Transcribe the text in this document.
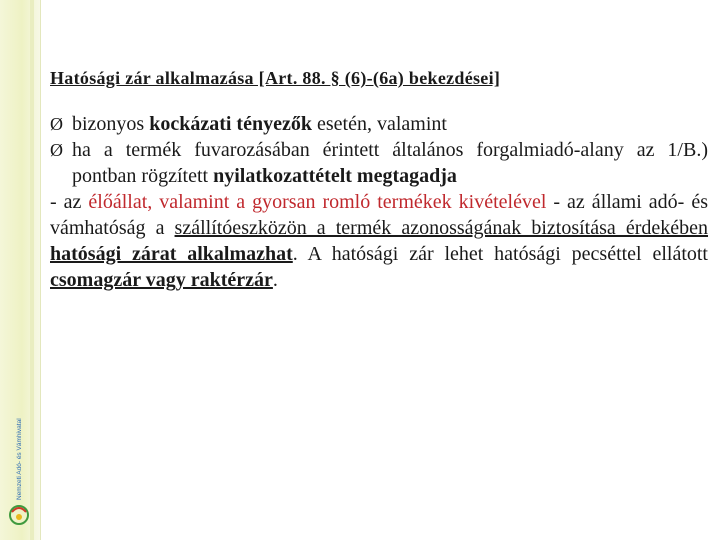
Nemzeti Adó- és Vámhivatal
Hatósági zár alkalmazása [Art. 88. § (6)-(6a) bekezdései]
Ø bizonyos kockázati tényezők esetén, valamint
Ø ha a termék fuvarozásában érintett általános forgalmiadó-alany az 1/B.) pontban rögzített nyilatkozattételt megtagadja
- az élőállat, valamint a gyorsan romló termékek kivételével - az állami adó- és vámhatóság a szállítóeszközön a termék azonosságának biztosítása érdekében hatósági zárat alkalmazhat. A hatósági zár lehet hatósági pecséttel ellátott csomagzár vagy raktérzár.
